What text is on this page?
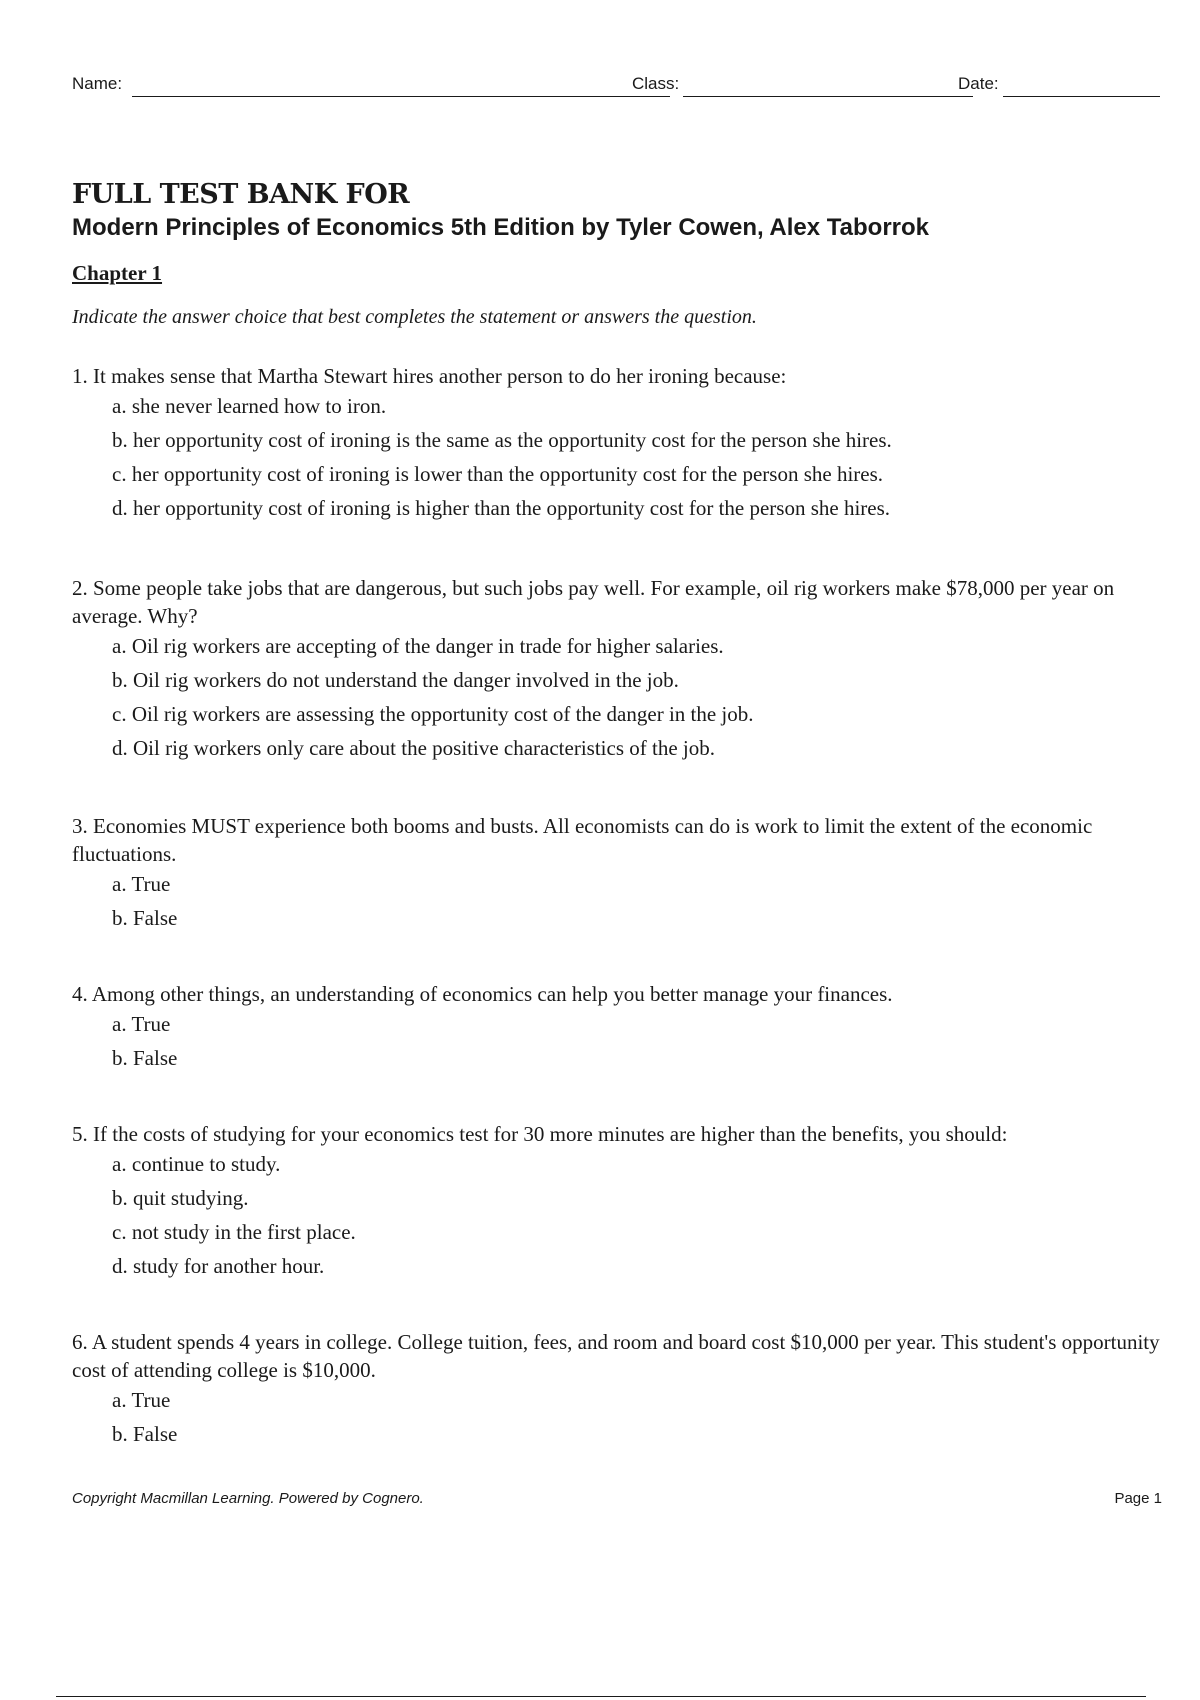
Name:	Class:	Date:
FULL TEST BANK FOR
Modern Principles of Economics 5th Edition by Tyler Cowen, Alex Taborrok
Chapter 1
Indicate the answer choice that best completes the statement or answers the question.

1. It makes sense that Martha Stewart hires another person to do her ironing because:

a. she never learned how to iron.
b. her opportunity cost of ironing is the same as the opportunity cost for the person she hires.
c. her opportunity cost of ironing is lower than the opportunity cost for the person she hires.
d. her opportunity cost of ironing is higher than the opportunity cost for the person she hires.

2. Some people take jobs that are dangerous, but such jobs pay well. For example, oil rig workers make $78,000 per year on average. Why?

a. Oil rig workers are accepting of the danger in trade for higher salaries.
b. Oil rig workers do not understand the danger involved in the job.
c. Oil rig workers are assessing the opportunity cost of the danger in the job.
d. Oil rig workers only care about the positive characteristics of the job.

3. Economies MUST experience both booms and busts. All economists can do is work to limit the extent of the economic fluctuations.

a. True
b. False

4. Among other things, an understanding of economics can help you better manage your finances.

a. True
b. False

5. If the costs of studying for your economics test for 30 more minutes are higher than the benefits, you should:

a. continue to study.
b. quit studying.
c. not study in the first place.
d. study for another hour.

6. A student spends 4 years in college. College tuition, fees, and room and board cost $10,000 per year. This student's opportunity cost of attending college is $10,000.

a. True
b. False
Copyright Macmillan Learning. Powered by Cognero.	Page 1
